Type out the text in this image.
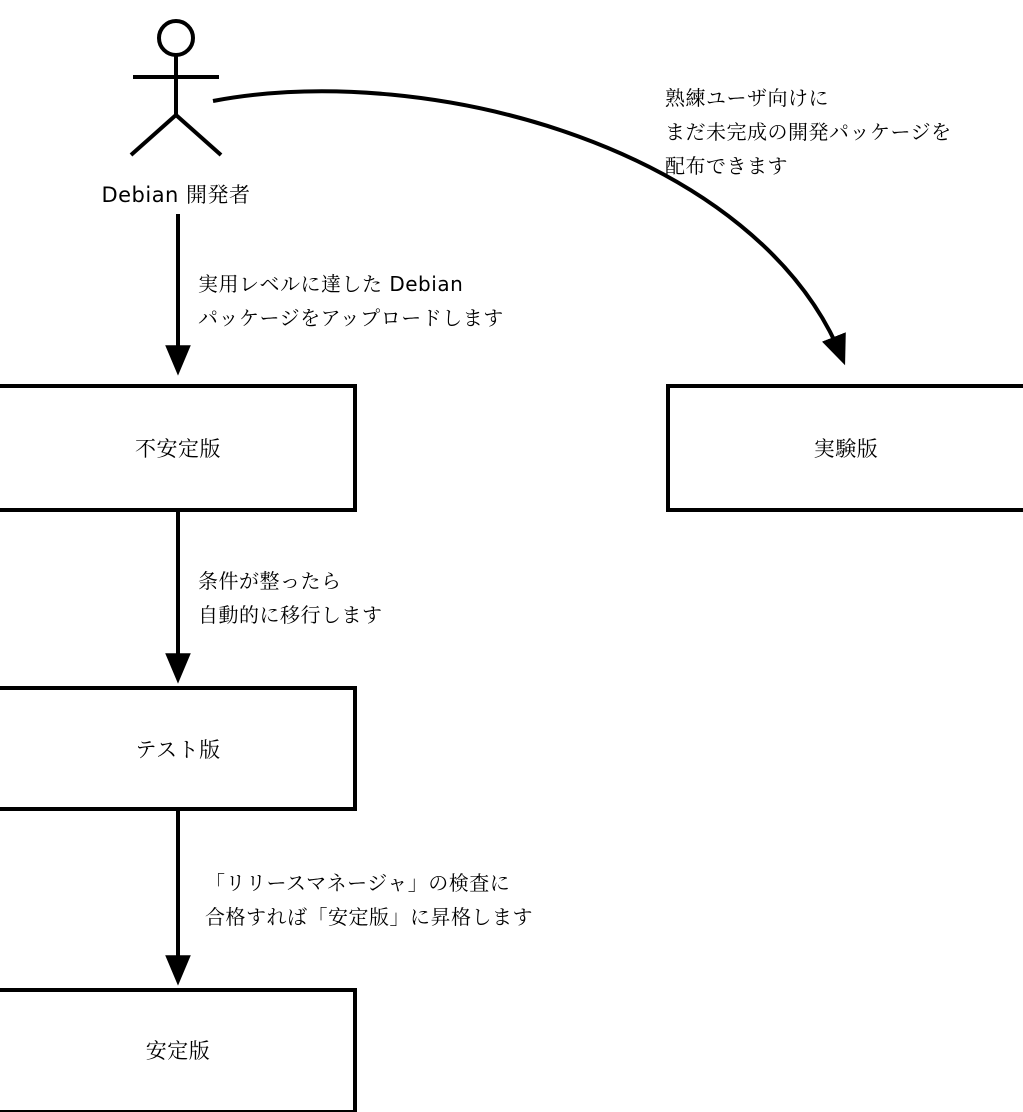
Debian 開発者
実用レベルに達した Debian
パッケージをアップロードします
熟練ユーザ向けに
まだ未完成の開発パッケージを
配布できます
不安定版	実験版
条件が整ったら
自動的に移行します
テスト版
「リリースマネージャ」の検査に
合格すれば「安定版」に昇格します
安定版
